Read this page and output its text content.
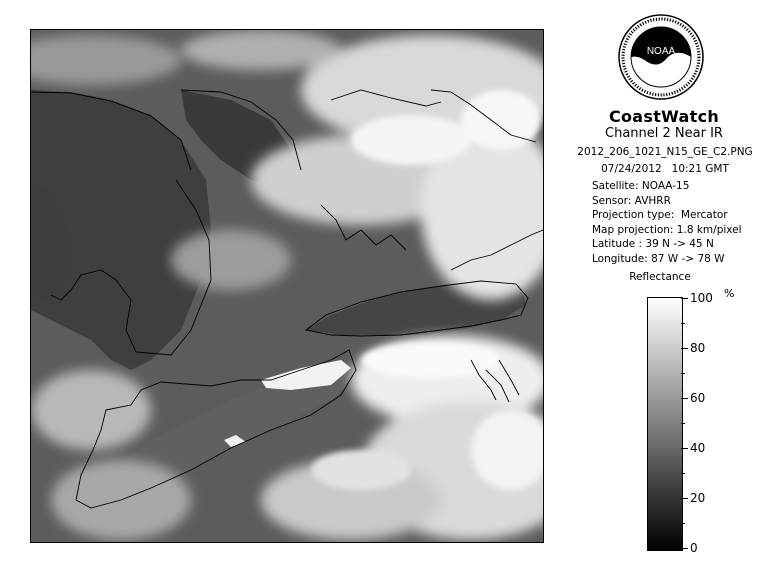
NOAA
CoastWatch
Channel 2 Near IR
2012_206_1021_N15_GE_C2.PNG
07/24/2012   10:21 GMT
Satellite: NOAA-15
Sensor: AVHRR
Projection type:  Mercator
Map projection: 1.8 km/pixel
Latitude : 39 N -> 45 N
Longitude: 87 W -> 78 W
Reflectance
%
100
80
60
40
20
0
